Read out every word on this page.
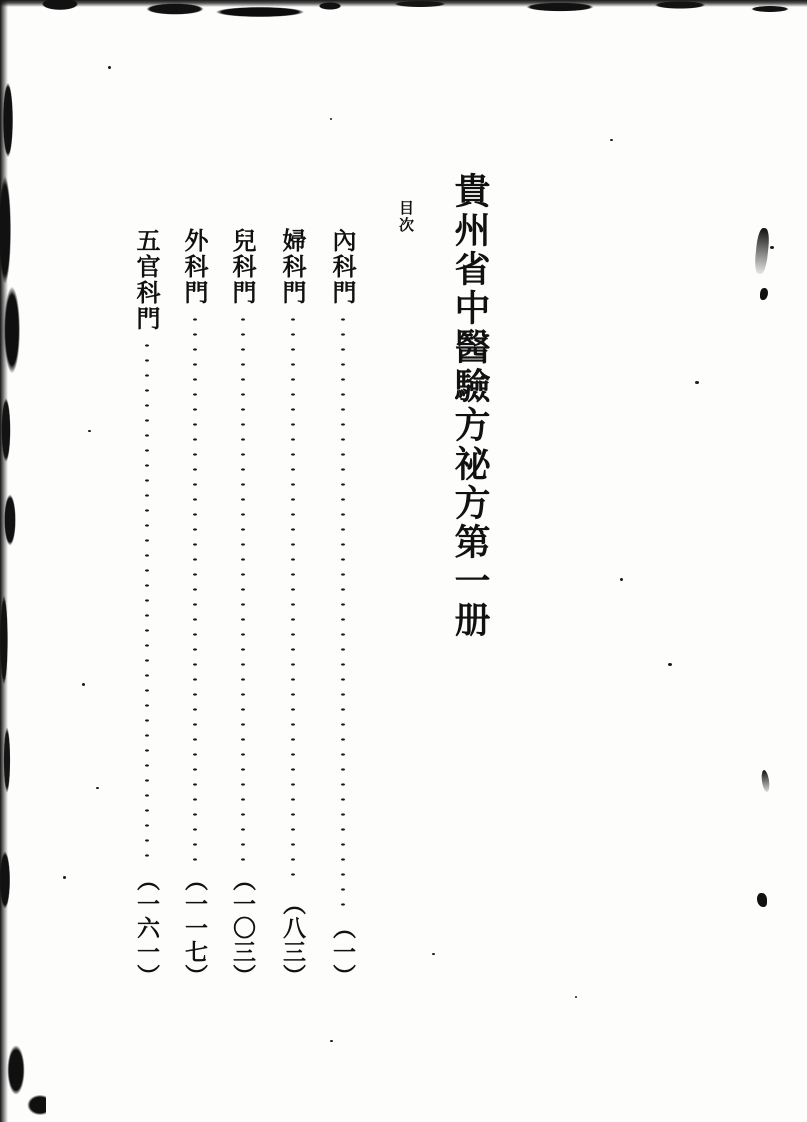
貴州省中醫驗方祕方第一册
目次
內科門
（一）
婦科門
（八三）
兒科門
（一〇三）
外科門
（一一七）
五官科門
（一六一）
